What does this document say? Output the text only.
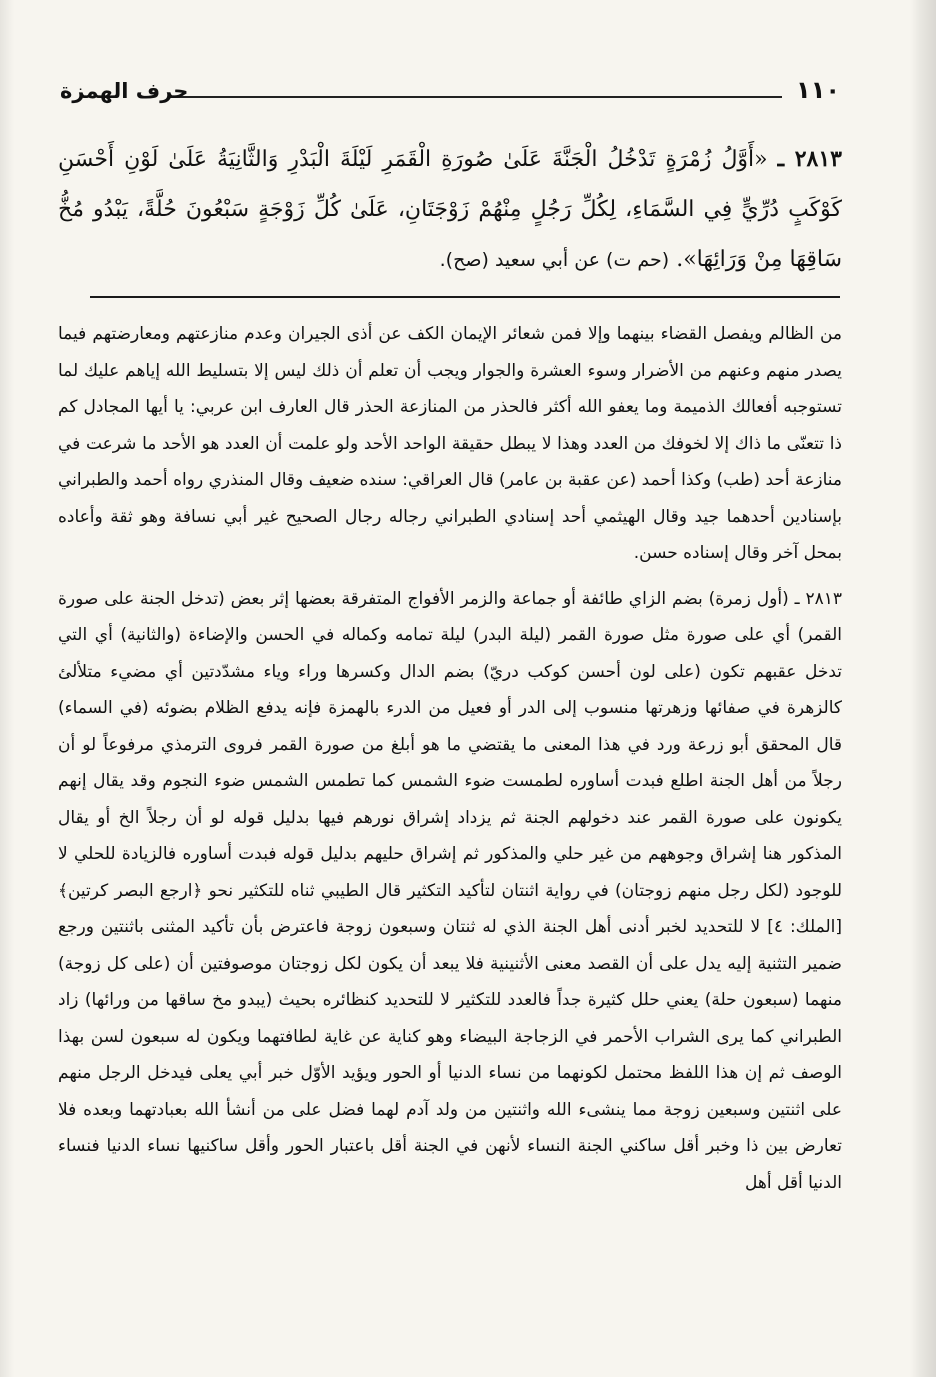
١١٠
حرف الهمزة
٢٨١٣ ـ «أَوَّلُ زُمْرَةٍ تَدْخُلُ الْجَنَّةَ عَلَىٰ صُورَةِ الْقَمَرِ لَيْلَةَ الْبَدْرِ وَالثَّانِيَةُ عَلَىٰ لَوْنِ أَحْسَنِ كَوْكَبٍ دُرِّيٍّ فِي السَّمَاءِ، لِكُلِّ رَجُلٍ مِنْهُمْ زَوْجَتَانِ، عَلَىٰ كُلِّ زَوْجَةٍ سَبْعُونَ حُلَّةً، يَبْدُو مُخُّ سَاقِهَا مِنْ وَرَائِهَا». (حم ت) عن أبي سعيد (صح).

من الظالم ويفصل القضاء بينهما وإلا فمن شعائر الإيمان الكف عن أذى الجيران وعدم منازعتهم ومعارضتهم فيما يصدر منهم وعنهم من الأضرار وسوء العشرة والجوار ويجب أن تعلم أن ذلك ليس إلا بتسليط الله إياهم عليك لما تستوجبه أفعالك الذميمة وما يعفو الله أكثر فالحذر من المنازعة الحذر قال العارف ابن عربي: يا أيها المجادل كم ذا تتعنّى ما ذاك إلا لخوفك من العدد وهذا لا يبطل حقيقة الواحد الأحد ولو علمت أن العدد هو الأحد ما شرعت في منازعة أحد (طب) وكذا أحمد (عن عقبة بن عامر) قال العراقي: سنده ضعيف وقال المنذري رواه أحمد والطبراني بإسنادين أحدهما جيد وقال الهيثمي أحد إسنادي الطبراني رجاله رجال الصحيح غير أبي نسافة وهو ثقة وأعاده بمحل آخر وقال إسناده حسن.

٢٨١٣ ـ (أول زمرة) بضم الزاي طائفة أو جماعة والزمر الأفواج المتفرقة بعضها إثر بعض (تدخل الجنة على صورة القمر) أي على صورة مثل صورة القمر (ليلة البدر) ليلة تمامه وكماله في الحسن والإضاءة (والثانية) أي التي تدخل عقبهم تكون (على لون أحسن كوكب دريّ) بضم الدال وكسرها وراء وياء مشدّدتين أي مضيء متلألئ كالزهرة في صفائها وزهرتها منسوب إلى الدر أو فعيل من الدرء بالهمزة فإنه يدفع الظلام بضوئه (في السماء) قال المحقق أبو زرعة ورد في هذا المعنى ما يقتضي ما هو أبلغ من صورة القمر فروى الترمذي مرفوعاً لو أن رجلاً من أهل الجنة اطلع فبدت أساوره لطمست ضوء الشمس كما تطمس الشمس ضوء النجوم وقد يقال إنهم يكونون على صورة القمر عند دخولهم الجنة ثم يزداد إشراق نورهم فيها بدليل قوله لو أن رجلاً الخ أو يقال المذكور هنا إشراق وجوههم من غير حلي والمذكور ثم إشراق حليهم بدليل قوله فبدت أساوره فالزيادة للحلي لا للوجود (لكل رجل منهم زوجتان) في رواية اثنتان لتأكيد التكثير قال الطيبي ثناه للتكثير نحو ﴿ارجع البصر كرتين﴾ [الملك: ٤] لا للتحديد لخبر أدنى أهل الجنة الذي له ثنتان وسبعون زوجة فاعترض بأن تأكيد المثنى باثنتين ورجع ضمير التثنية إليه يدل على أن القصد معنى الأثنينية فلا يبعد أن يكون لكل زوجتان موصوفتين أن (على كل زوجة) منهما (سبعون حلة) يعني حلل كثيرة جداً فالعدد للتكثير لا للتحديد كنظائره بحيث (يبدو مخ ساقها من ورائها) زاد الطبراني كما يرى الشراب الأحمر في الزجاجة البيضاء وهو كناية عن غاية لطافتهما ويكون له سبعون لسن بهذا الوصف ثم إن هذا اللفظ محتمل لكونهما من نساء الدنيا أو الحور ويؤيد الأوّل خبر أبي يعلى فيدخل الرجل منهم على اثنتين وسبعين زوجة مما ينشىء الله واثنتين من ولد آدم لهما فضل على من أنشأ الله بعبادتهما وبعده فلا تعارض بين ذا وخبر أقل ساكني الجنة النساء لأنهن في الجنة أقل باعتبار الحور وأقل ساكنيها نساء الدنيا فنساء الدنيا أقل أهل
